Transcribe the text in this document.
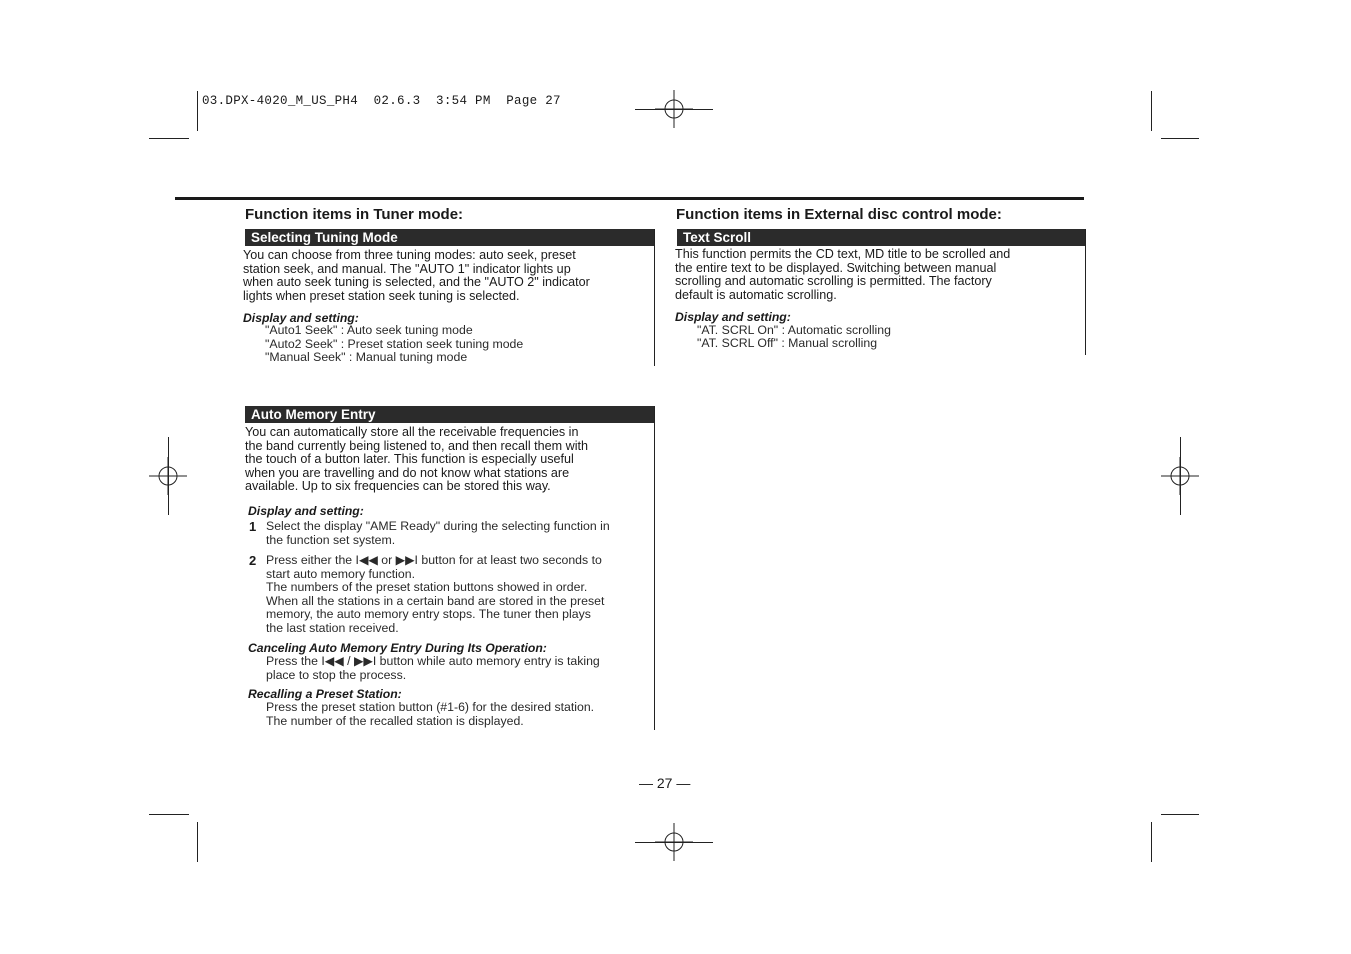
03.DPX-4020_M_US_PH4  02.6.3  3:54 PM  Page 27
Function items in Tuner mode:
Selecting Tuning Mode
You can choose from three tuning modes: auto seek, preset
station seek, and manual. The "AUTO 1" indicator lights up
when auto seek tuning is selected, and the "AUTO 2" indicator
lights when preset station seek tuning is selected.
Display and setting:
"Auto1 Seek" : Auto seek tuning mode
"Auto2 Seek" : Preset station seek tuning mode
"Manual Seek" : Manual tuning mode
Auto Memory Entry
You can automatically store all the receivable frequencies in
the band currently being listened to, and then recall them with
the touch of a button later. This function is especially useful
when you are travelling and do not know what stations are
available. Up to six frequencies can be stored this way.
Display and setting:
1 Select the display "AME Ready" during the selecting function in
the function set system.
2 Press either the I◀◀ or ▶▶I button for at least two seconds to
start auto memory function.
The numbers of the preset station buttons showed in order.
When all the stations in a certain band are stored in the preset
memory, the auto memory entry stops. The tuner then plays
the last station received.
Canceling Auto Memory Entry During Its Operation:
Press the I◀◀ / ▶▶I button while auto memory entry is taking
place to stop the process.
Recalling a Preset Station:
Press the preset station button (#1-6) for the desired station.
The number of the recalled station is displayed.
Function items in External disc control mode:
Text Scroll
This function permits the CD text, MD title to be scrolled and
the entire text to be displayed. Switching between manual
scrolling and automatic scrolling is permitted. The factory
default is automatic scrolling.
Display and setting:
"AT. SCRL On" : Automatic scrolling
"AT. SCRL Off" : Manual scrolling
— 27 —
